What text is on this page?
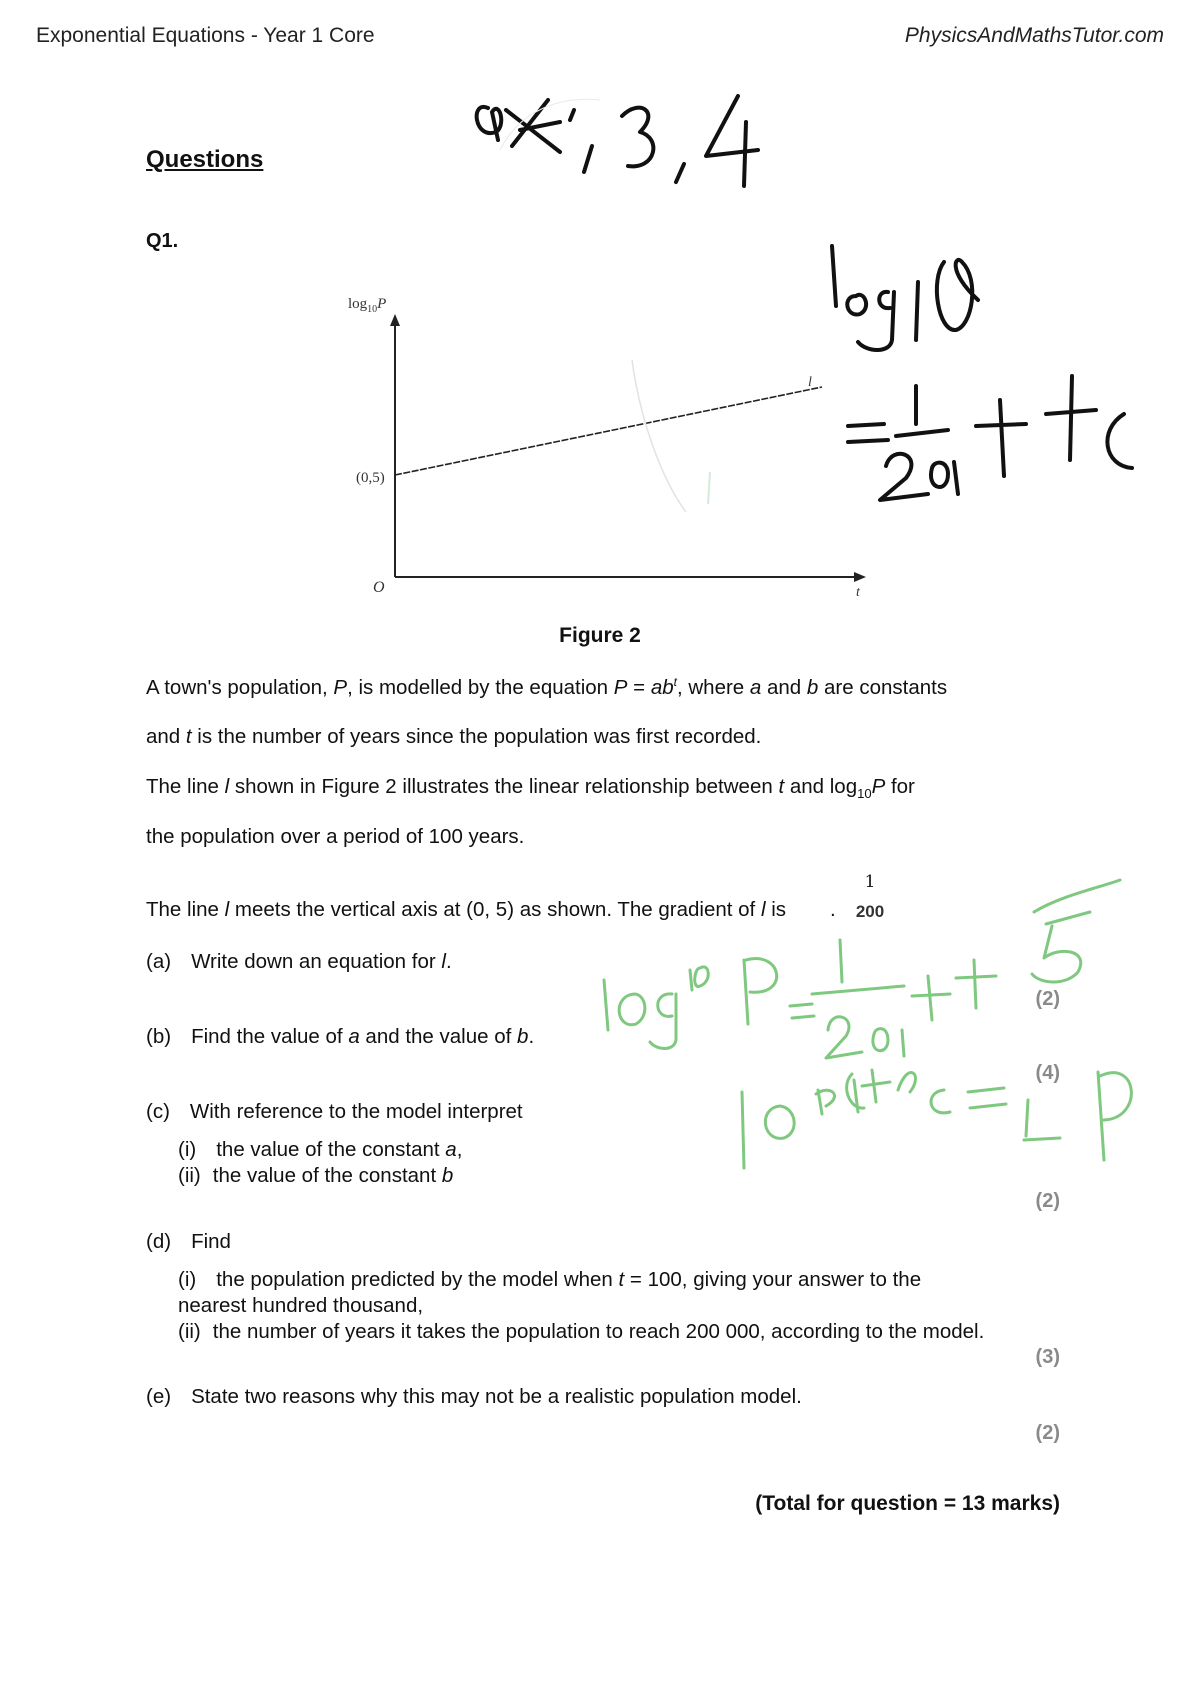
Exponential Equations - Year 1 Core	PhysicsAndMathsTutor.com
Questions
Q1.
$\log_{10}P$
(0,5)
O	t
l
Figure 2
A town's population, P, is modelled by the equation $P = ab^t$, where a and b are constants
and t is the number of years since the population was first recorded.
The line l shown in Figure 2 illustrates the linear relationship between t and $\log_{10}P$ for
the population over a period of 100 years.
The line l meets the vertical axis at (0, 5) as shown. The gradient of l is .
1
200
(a) Write down an equation for l.
(2)
(b) Find the value of a and the value of b.
(4)
(c) With reference to the model interpret
(i) the value of the constant a,
(ii) the value of the constant b
(2)
(d) Find
(i) the population predicted by the model when t = 100, giving your answer to the
nearest hundred thousand,
(ii) the number of years it takes the population to reach 200 000, according to the model.
(3)
(e) State two reasons why this may not be a realistic population model.
(2)
(Total for question = 13 marks)
